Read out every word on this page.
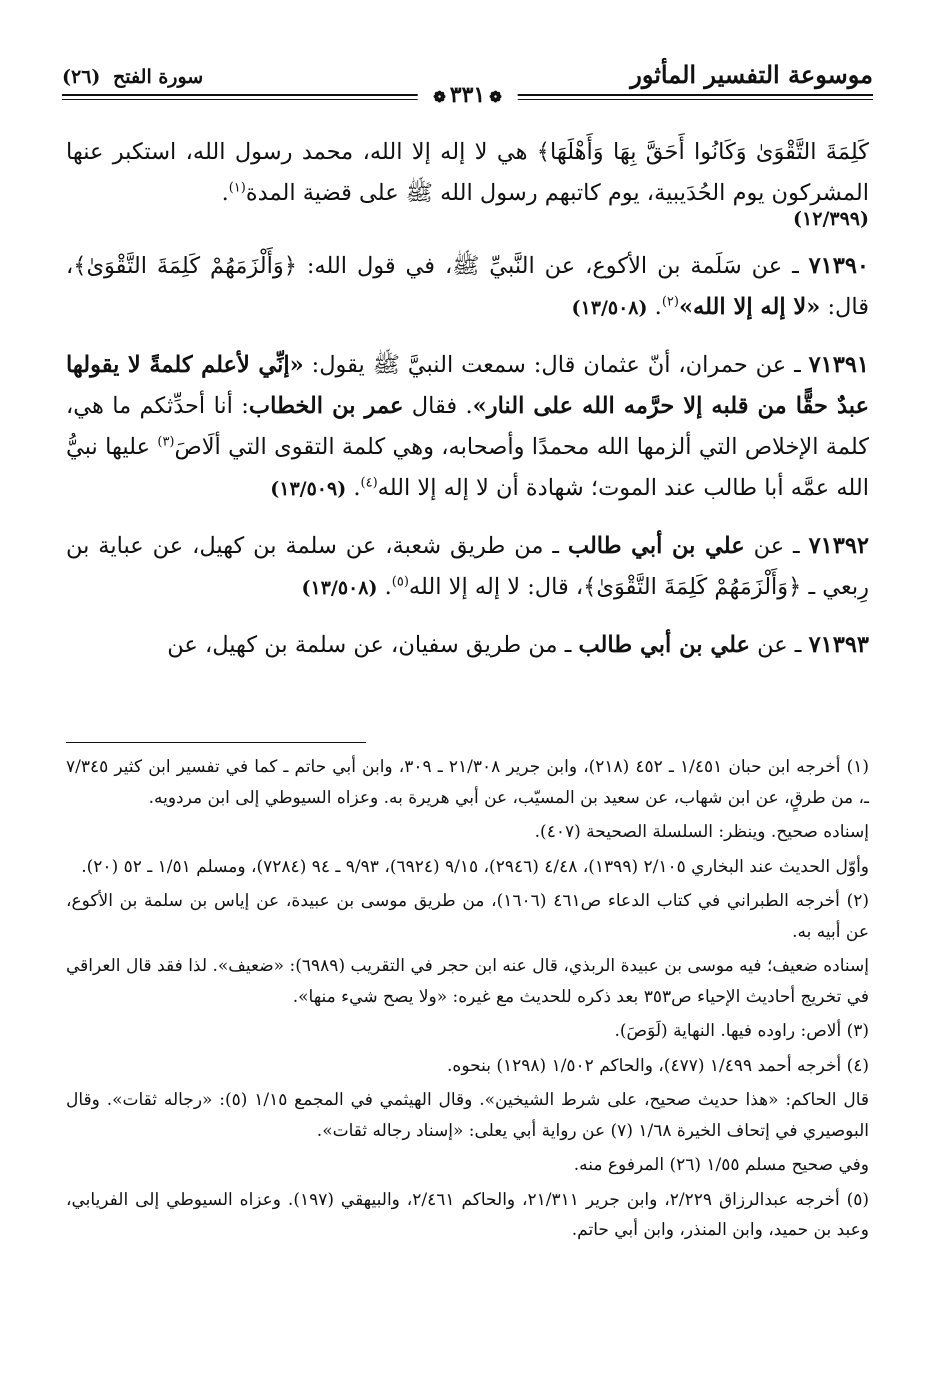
موسوعة التفسير المأثور
سورة الفتح (٢٦)
❁٣٣١❁

كَلِمَةَ التَّقْوَىٰ وَكَانُوا أَحَقَّ بِهَا وَأَهْلَهَا﴾ هي لا إله إلا الله، محمد رسول الله، استكبر عنها المشركون يوم الحُدَيبية، يوم كاتبهم رسول الله ﷺ على قضية المدة$^{(١)}$.

(١٢/٣٩٩)

٧١٣٩٠ ـ عن سَلَمة بن الأكوع، عن النَّبيِّ ﷺ، في قول الله: ﴿وَأَلْزَمَهُمْ كَلِمَةَ التَّقْوَىٰ﴾، قال: «لا إله إلا الله»$^{(٢)}$. (١٣/٥٠٨)

٧١٣٩١ ـ عن حمران، أنّ عثمان قال: سمعت النبيَّ ﷺ يقول: «إنِّي لأعلم كلمةً لا يقولها عبدٌ حقًّا من قلبه إلا حرَّمه الله على النار». فقال عمر بن الخطاب: أنا أحدِّثكم ما هي، كلمة الإخلاص التي ألزمها الله محمدًا وأصحابه، وهي كلمة التقوى التي ألَاصَ$^{(٣)}$ عليها نبيُّ الله عمَّه أبا طالب عند الموت؛ شهادة أن لا إله إلا الله$^{(٤)}$. (١٣/٥٠٩)

٧١٣٩٢ ـ عن علي بن أبي طالب ـ من طريق شعبة، عن سلمة بن كهيل، عن عباية بن رِبعي ـ ﴿وَأَلْزَمَهُمْ كَلِمَةَ التَّقْوَىٰ﴾، قال: لا إله إلا الله$^{(٥)}$. (١٣/٥٠٨)

٧١٣٩٣ ـ عن علي بن أبي طالب ـ من طريق سفيان، عن سلمة بن كهيل، عن

(١) أخرجه ابن حبان ١/٤٥١ ـ ٤٥٢ (٢١٨)، وابن جرير ٢١/٣٠٨ ـ ٣٠٩، وابن أبي حاتم ـ كما في تفسير ابن كثير ٧/٣٤٥ ـ، من طرقٍ، عن ابن شهاب، عن سعيد بن المسيّب، عن أبي هريرة به. وعزاه السيوطي إلى ابن مردويه.

إسناده صحيح. وينظر: السلسلة الصحيحة (٤٠٧).

وأوّل الحديث عند البخاري ٢/١٠٥ (١٣٩٩)، ٤/٤٨ (٢٩٤٦)، ٩/١٥ (٦٩٢٤)، ٩/٩٣ ـ ٩٤ (٧٢٨٤)، ومسلم ١/٥١ ـ ٥٢ (٢٠).

(٢) أخرجه الطبراني في كتاب الدعاء ص٤٦١ (١٦٠٦)، من طريق موسى بن عبيدة، عن إياس بن سلمة بن الأكوع، عن أبيه به.

إسناده ضعيف؛ فيه موسى بن عبيدة الربذي، قال عنه ابن حجر في التقريب (٦٩٨٩): «ضعيف». لذا فقد قال العراقي في تخريج أحاديث الإحياء ص٣٥٣ بعد ذكره للحديث مع غيره: «ولا يصح شيء منها».

(٣) ألاص: راوده فيها. النهاية (لَوَصَ).

(٤) أخرجه أحمد ١/٤٩٩ (٤٧٧)، والحاكم ١/٥٠٢ (١٢٩٨) بنحوه.

قال الحاكم: «هذا حديث صحيح، على شرط الشيخين». وقال الهيثمي في المجمع ١/١٥ (٥): «رجاله ثقات». وقال البوصيري في إتحاف الخيرة ١/٦٨ (٧) عن رواية أبي يعلى: «إسناد رجاله ثقات».

وفي صحيح مسلم ١/٥٥ (٢٦) المرفوع منه.

(٥) أخرجه عبدالرزاق ٢/٢٢٩، وابن جرير ٢١/٣١١، والحاكم ٢/٤٦١، والبيهقي (١٩٧). وعزاه السيوطي إلى الفريابي، وعبد بن حميد، وابن المنذر، وابن أبي حاتم.
